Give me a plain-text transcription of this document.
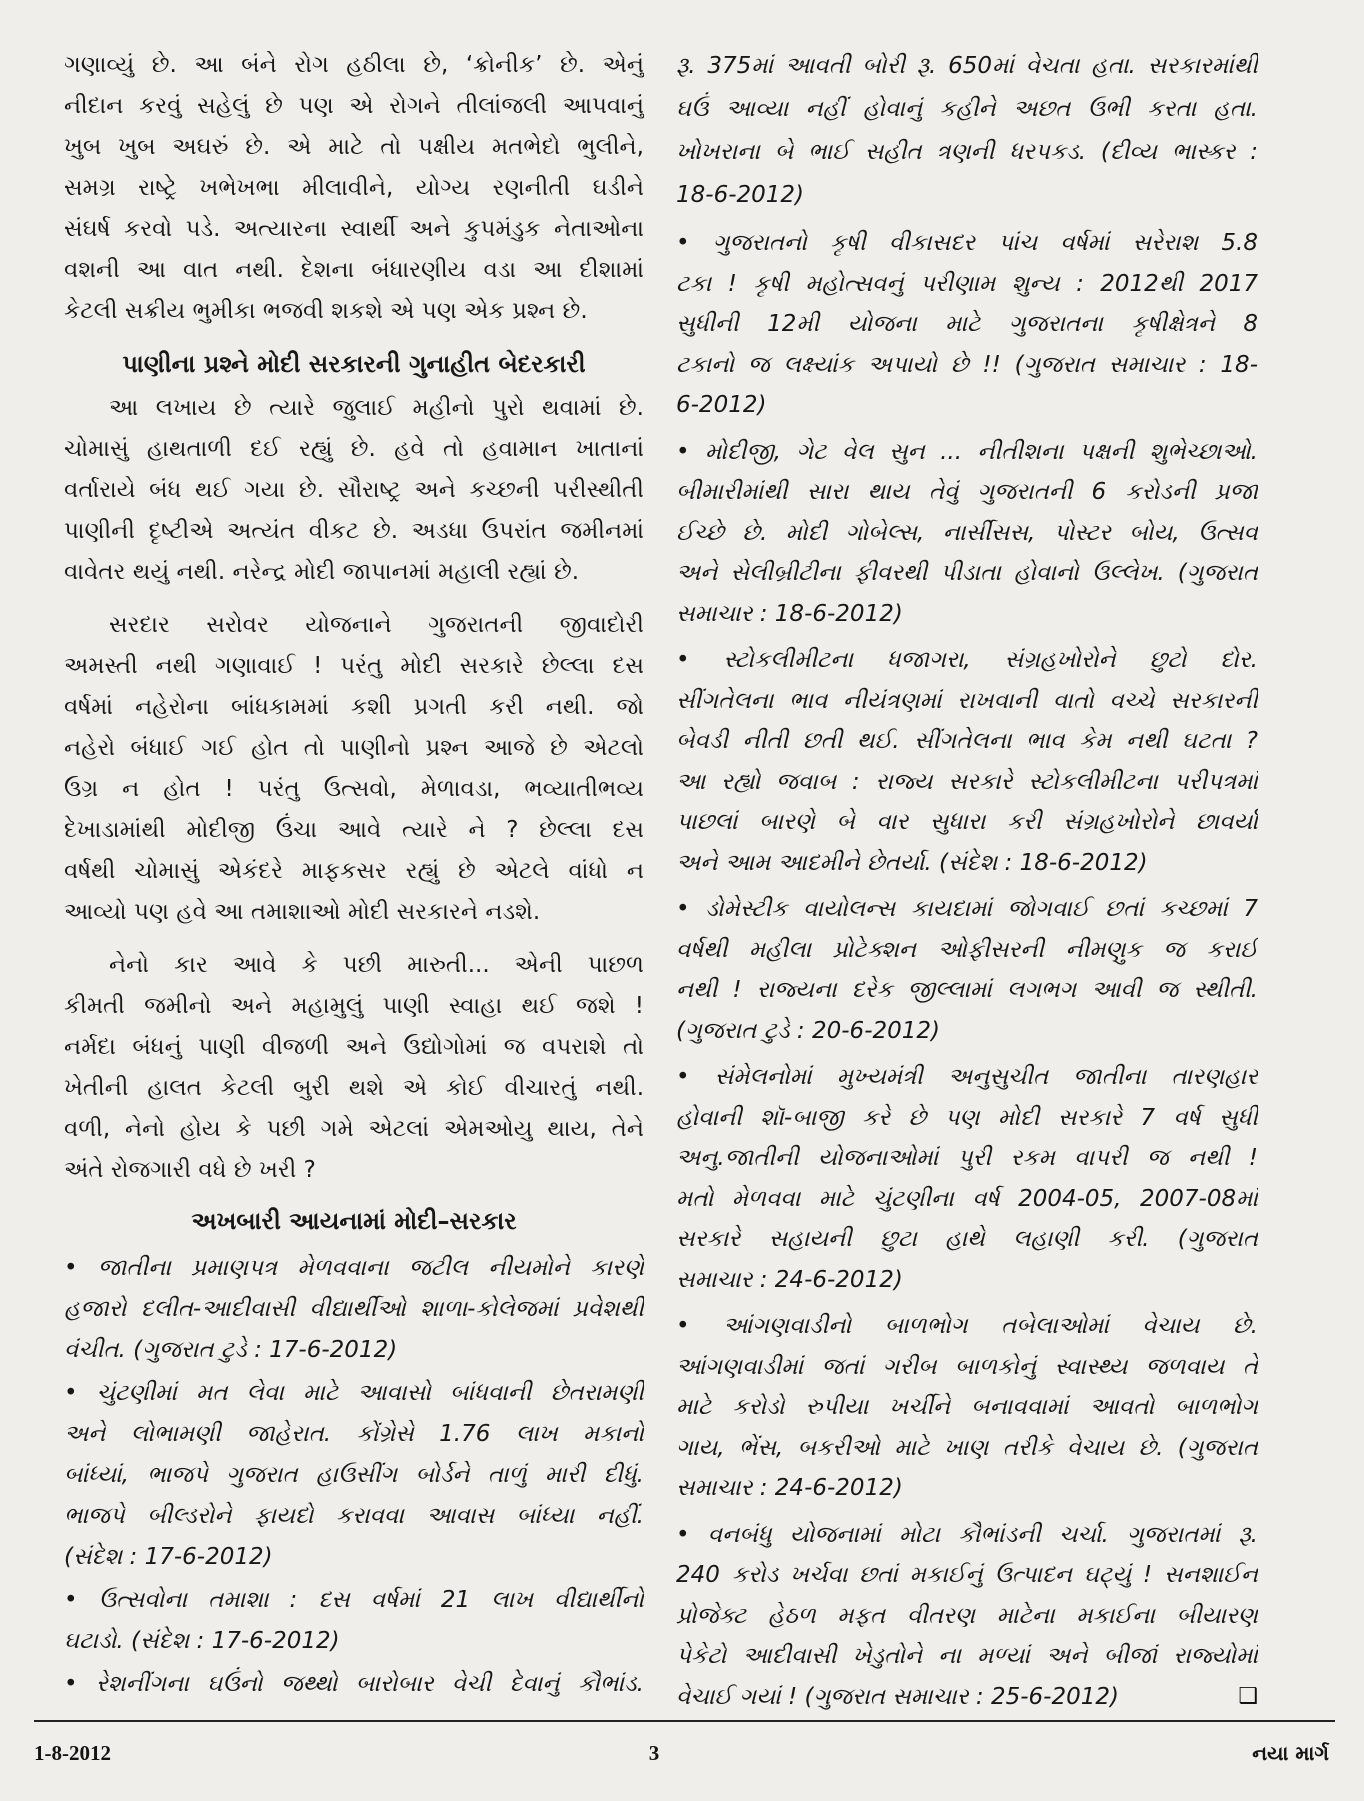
ગણાવ્યું છે. આ બંને રોગ હઠીલા છે, ‘ક્રોનીક’ છે. એનું
નીદાન કરવું સહેલું છે પણ એ રોગને તીલાંજલી આપવાનું
ખુબ ખુબ અઘરું છે. એ માટે તો પક્ષીય મતભેદો ભુલીને,
સમગ્ર રાષ્ટ્રે ખભેખભા મીલાવીને, યોગ્ય રણનીતી ઘડીને
સંઘર્ષ કરવો પડે. અત્યારના સ્વાર્થી અને કુપમંડુક નેતાઓના
વશની આ વાત નથી. દેશના બંધારણીય વડા આ દીશામાં
કેટલી સક્રીય ભુમીકા ભજવી શકશે એ પણ એક પ્રશ્ન છે.
પાણીના પ્રશ્ને મોદી સરકારની ગુનાહીત બેદરકારી
આ લખાય છે ત્યારે જુલાઈ મહીનો પુરો થવામાં છે.
ચોમાસું હાથતાળી દઈ રહ્યું છે. હવે તો હવામાન ખાતાનાં
વર્તારાયે બંધ થઈ ગયા છે. સૌરાષ્ટ્ર અને કચ્છની પરીસ્થીતી
પાણીની દૃષ્ટીએ અત્યંત વીકટ છે. અડધા ઉપરાંત જમીનમાં
વાવેતર થયું નથી. નરેન્દ્ર મોદી જાપાનમાં મહાલી રહ્યાં છે.
સરદાર સરોવર યોજનાને ગુજરાતની જીવાદોરી
અમસ્તી નથી ગણાવાઈ ! પરંતુ મોદી સરકારે છેલ્લા દસ
વર્ષમાં નહેરોના બાંધકામમાં કશી પ્રગતી કરી નથી. જો
નહેરો બંધાઈ ગઈ હોત તો પાણીનો પ્રશ્ન આજે છે એટલો
ઉગ્ર ન હોત ! પરંતુ ઉત્સવો, મેળાવડા, ભવ્યાતીભવ્ય
દેખાડામાંથી મોદીજી ઉંચા આવે ત્યારે ને ? છેલ્લા દસ
વર્ષથી ચોમાસું એકંદરે માફકસર રહ્યું છે એટલે વાંધો ન
આવ્યો પણ હવે આ તમાશાઓ મોદી સરકારને નડશે.
નેનો કાર આવે કે પછી મારુતી... એની પાછળ
કીમતી જમીનો અને મહામુલું પાણી સ્વાહા થઈ જશે !
નર્મદા બંધનું પાણી વીજળી અને ઉદ્યોગોમાં જ વપરાશે તો
ખેતીની હાલત કેટલી બુરી થશે એ કોઈ વીચારતું નથી.
વળી, નેનો હોય કે પછી ગમે એટલાં એમઓયુ થાય, તેને
અંતે રોજગારી વધે છે ખરી ?
અખબારી આયનામાં મોદી–સરકાર
• જાતીના પ્રમાણપત્ર મેળવવાના જટીલ નીયમોને કારણે
હજારો દલીત-આદીવાસી વીદ્યાર્થીઓ શાળા-કોલેજમાં પ્રવેશથી
વંચીત. (ગુજરાત ટુડે : 17-6-2012)
• ચુંટણીમાં મત લેવા માટે આવાસો બાંધવાની છેતરામણી
અને લોભામણી જાહેરાત. કોંગ્રેસે 1.76 લાખ મકાનો
બાંધ્યાં, ભાજપે ગુજરાત હાઉસીંગ બોર્ડને તાળું મારી દીધું.
ભાજપે બીલ્ડરોને ફાયદો કરાવવા આવાસ બાંધ્યા નહીં.
(સંદેશ : 17-6-2012)
• ઉત્સવોના તમાશા : દસ વર્ષમાં 21 લાખ વીદ્યાર્થીનો
ઘટાડો. (સંદેશ : 17-6-2012)
• રેશનીંગના ઘઉંનો જથ્થો બારોબાર વેચી દેવાનું કૌભાંડ.
રૂ. 375માં આવતી બોરી રૂ. 650માં વેચતા હતા. સરકારમાંથી
ઘઉં આવ્યા નહીં હોવાનું કહીને અછત ઉભી કરતા હતા.
ખોખરાના બે ભાઈ સહીત ત્રણની ધરપકડ. (દીવ્ય ભાસ્કર :
18-6-2012)
• ગુજરાતનો કૃષી વીકાસદર પાંચ વર્ષમાં સરેરાશ 5.8
ટકા ! કૃષી મહોત્સવનું પરીણામ શુન્ય : 2012થી 2017
સુધીની 12મી યોજના માટે ગુજરાતના કૃષીક્ષેત્રને 8
ટકાનો જ લક્ષ્યાંક અપાયો છે !! (ગુજરાત સમાચાર : 18-
6-2012)
• મોદીજી, ગેટ વેલ સુન ... નીતીશના પક્ષની શુભેચ્છાઓ.
બીમારીમાંથી સારા થાય તેવું ગુજરાતની 6 કરોડની પ્રજા
ઈચ્છે છે. મોદી ગોબેલ્સ, નાર્સીસસ, પોસ્ટર બોય, ઉત્સવ
અને સેલીબ્રીટીના ફીવરથી પીડાતા હોવાનો ઉલ્લેખ. (ગુજરાત
સમાચાર : 18-6-2012)
• સ્ટોકલીમીટના ધજાગરા, સંગ્રહખોરોને છુટો દોર.
સીંગતેલના ભાવ નીયંત્રણમાં રાખવાની વાતો વચ્ચે સરકારની
બેવડી નીતી છતી થઈ. સીંગતેલના ભાવ કેમ નથી ઘટતા ?
આ રહ્યો જવાબ : રાજ્ય સરકારે સ્ટોકલીમીટના પરીપત્રમાં
પાછલાં બારણે બે વાર સુધારા કરી સંગ્રહખોરોને છાવર્યા
અને આમ આદમીને છેતર્યા. (સંદેશ : 18-6-2012)
• ડોમેસ્ટીક વાયોલન્સ કાયદામાં જોગવાઈ છતાં કચ્છમાં 7
વર્ષથી મહીલા પ્રોટેક્શન ઓફીસરની નીમણુક જ કરાઈ
નથી ! રાજ્યના દરેક જીલ્લામાં લગભગ આવી જ સ્થીતી.
(ગુજરાત ટુડે : 20-6-2012)
• સંમેલનોમાં મુખ્યમંત્રી અનુસુચીત જાતીના તારણહાર
હોવાની શૉ-બાજી કરે છે પણ મોદી સરકારે 7 વર્ષ સુધી
અનુ.જાતીની યોજનાઓમાં પુરી રકમ વાપરી જ નથી !
મતો મેળવવા માટે ચુંટણીના વર્ષ 2004-05, 2007-08માં
સરકારે સહાયની છુટા હાથે લહાણી કરી. (ગુજરાત
સમાચાર : 24-6-2012)
• આંગણવાડીનો બાળભોગ તબેલાઓમાં વેચાય છે.
આંગણવાડીમાં જતાં ગરીબ બાળકોનું સ્વાસ્થ્ય જળવાય તે
માટે કરોડો રુપીયા ખર્ચીને બનાવવામાં આવતો બાળભોગ
ગાય, ભેંસ, બકરીઓ માટે ખાણ તરીકે વેચાય છે. (ગુજરાત
સમાચાર : 24-6-2012)
• વનબંધુ યોજનામાં મોટા કૌભાંડની ચર્ચા. ગુજરાતમાં રૂ.
240 કરોડ ખર્ચવા છતાં મકાઈનું ઉત્પાદન ઘટ્યું ! સનશાઈન
પ્રોજેક્ટ હેઠળ મફત વીતરણ માટેના મકાઈના બીયારણ
પેકેટો આદીવાસી ખેડુતોને ના મળ્યાં અને બીજાં રાજ્યોમાં
વેચાઈ ગયાં ! (ગુજરાત સમાચાર : 25-6-2012)	❑
1-8-2012	3	નયા માર્ગ
